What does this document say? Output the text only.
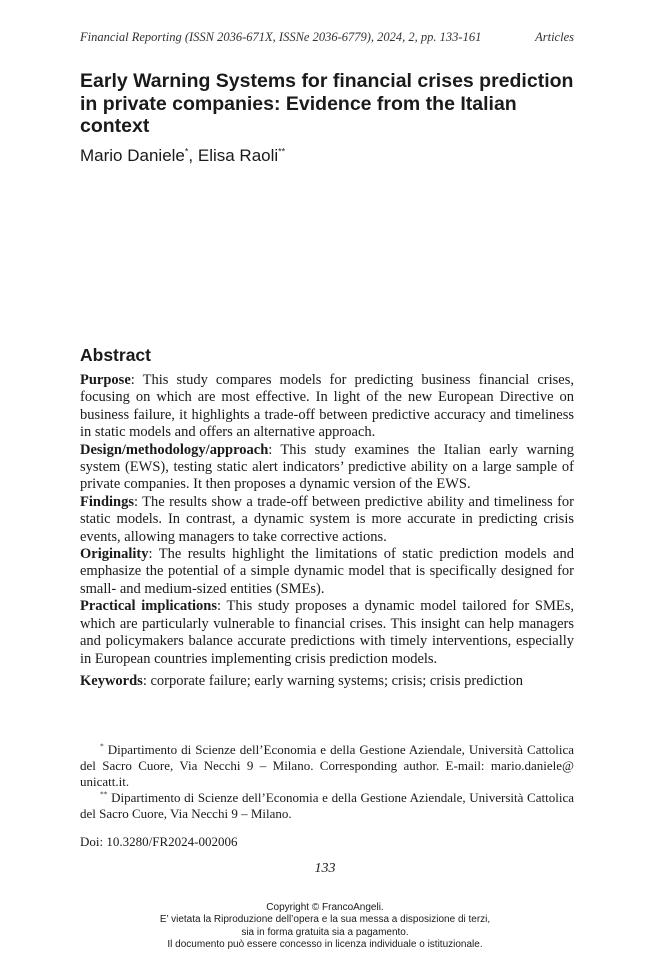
Financial Reporting (ISSN 2036-671X, ISSNe 2036-6779), 2024, 2, pp. 133-161	Articles
Early Warning Systems for financial crises prediction in private companies: Evidence from the Italian context
Mario Daniele*, Elisa Raoli**
Abstract

Purpose: This study compares models for predicting business financial crises, focusing on which are most effective. In light of the new European Directive on business failure, it highlights a trade-off between predictive accuracy and timeliness in static models and offers an alternative approach.

Design/methodology/approach: This study examines the Italian early warning system (EWS), testing static alert indicators’ predictive ability on a large sample of private companies. It then proposes a dynamic version of the EWS.

Findings: The results show a trade-off between predictive ability and timeliness for static models. In contrast, a dynamic system is more accurate in predicting crisis events, allowing managers to take corrective actions.

Originality: The results highlight the limitations of static prediction models and emphasize the potential of a simple dynamic model that is specifically designed for small- and medium-sized entities (SMEs).

Practical implications: This study proposes a dynamic model tailored for SMEs, which are particularly vulnerable to financial crises. This insight can help managers and policymakers balance accurate predictions with timely interventions, especially in European countries implementing crisis prediction models.

Keywords: corporate failure; early warning systems; crisis; crisis prediction

* Dipartimento di Scienze dell’Economia e della Gestione Aziendale, Università Cattolica del Sacro Cuore, Via Necchi 9 – Milano. Corresponding author. E-mail: mario.daniele@ unicatt.it.

** Dipartimento di Scienze dell’Economia e della Gestione Aziendale, Università Cattolica del Sacro Cuore, Via Necchi 9 – Milano.

Doi: 10.3280/FR2024-002006
133
Copyright © FrancoAngeli.
E’ vietata la Riproduzione dell’opera e la sua messa a disposizione di terzi,
sia in forma gratuita sia a pagamento.
Il documento può essere concesso in licenza individuale o istituzionale.
